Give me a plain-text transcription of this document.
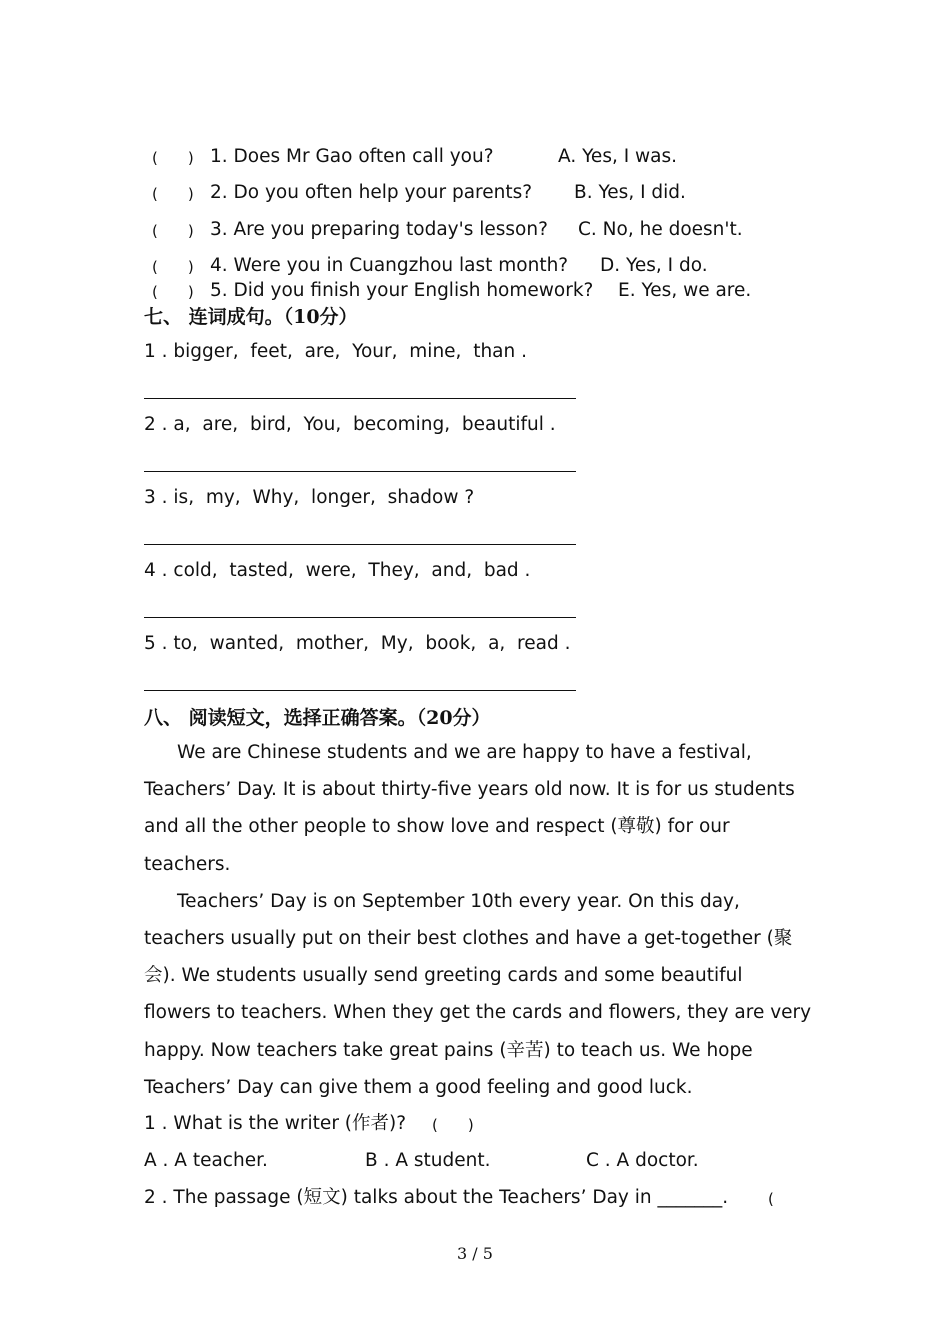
(　　) 1. Does Mr Gao often call you?	A. Yes, I was.
(　　) 2. Do you often help your parents? B. Yes, I did.
(　　) 3. Are you preparing today's lesson? C. No, he doesn't.
(　　) 4. Were you in Cuangzhou last month? D. Yes, I do.
(　　) 5. Did you finish your English homework? E. Yes, we are.
七、 连词成句。（10分）
1 . bigger,  feet,  are,  Your,  mine,  than .
2 . a,  are,  bird,  You,  becoming,  beautiful .
3 . is,  my,  Why,  longer,  shadow ?
4 . cold,  tasted,  were,  They,  and,  bad .
5 . to,  wanted,  mother,  My,  book,  a,  read .
八、 阅读短文，选择正确答案。（20分）

We are Chinese students and we are happy to have a festival, Teachers’ Day. It is about thirty-five years old now. It is for us students and all the other people to show love and respect (尊敬) for our teachers.

Teachers’ Day is on September 10th every year. On this day, teachers usually put on their best clothes and have a get-together (聚会). We students usually send greeting cards and some beautiful flowers to teachers. When they get the cards and flowers, they are very happy. Now teachers take great pains (辛苦) to teach us. We hope Teachers’ Day can give them a good feeling and good luck.

1 . What is the writer (作者)? (　　)
A . A teacher.	B . A student.	C . A doctor.
2 . The passage (短文) talks about the Teachers’ Day in _______.	(
3 / 5
